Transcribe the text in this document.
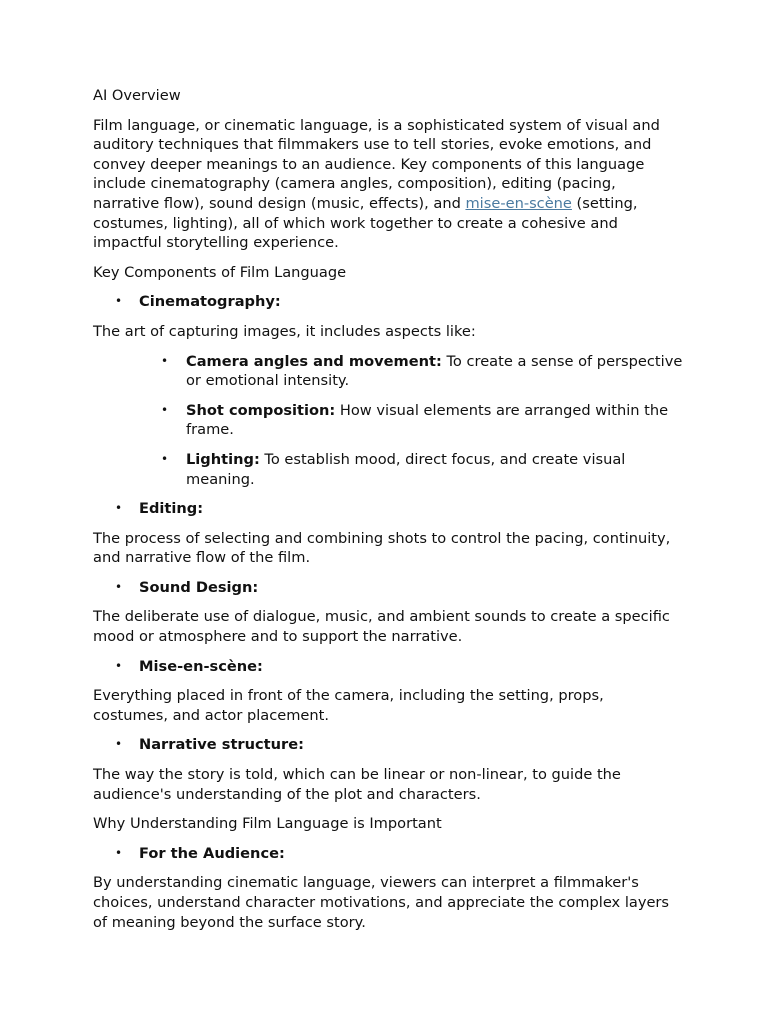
AI Overview

Film language, or cinematic language, is a sophisticated system of visual and auditory techniques that filmmakers use to tell stories, evoke emotions, and convey deeper meanings to an audience. Key components of this language include cinematography (camera angles, composition), editing (pacing, narrative flow), sound design (music, effects), and mise-en-scène (setting, costumes, lighting), all of which work together to create a cohesive and impactful storytelling experience.

Key Components of Film Language

• Cinematography:

The art of capturing images, it includes aspects like:

• Camera angles and movement: To create a sense of perspective or emotional intensity.
• Shot composition: How visual elements are arranged within the frame.
• Lighting: To establish mood, direct focus, and create visual meaning.
• Editing:

The process of selecting and combining shots to control the pacing, continuity, and narrative flow of the film.

• Sound Design:

The deliberate use of dialogue, music, and ambient sounds to create a specific mood or atmosphere and to support the narrative.

• Mise-en-scène:

Everything placed in front of the camera, including the setting, props, costumes, and actor placement.

• Narrative structure:

The way the story is told, which can be linear or non-linear, to guide the audience's understanding of the plot and characters.

Why Understanding Film Language is Important

• For the Audience:

By understanding cinematic language, viewers can interpret a filmmaker's choices, understand character motivations, and appreciate the complex layers of meaning beyond the surface story.
